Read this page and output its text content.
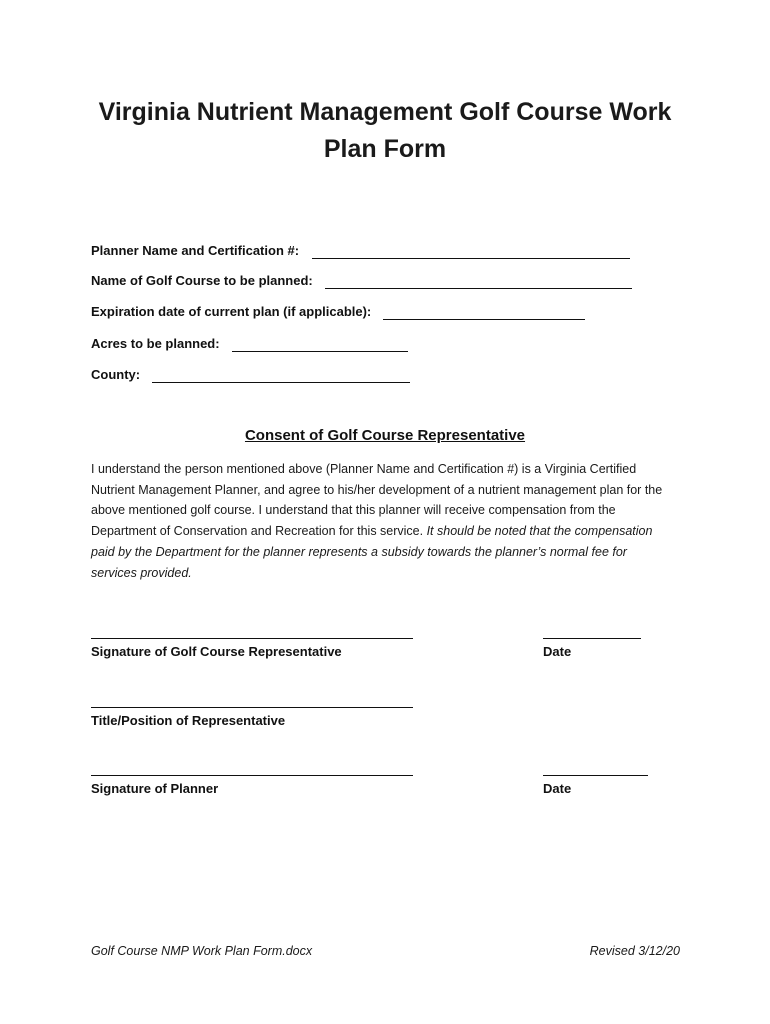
Virginia Nutrient Management Golf Course Work
Plan Form
Planner Name and Certification #:
Name of Golf Course to be planned:
Expiration date of current plan (if applicable):
Acres to be planned:
County:
Consent of Golf Course Representative
I understand the person mentioned above (Planner Name and Certification #) is a Virginia Certified Nutrient Management Planner, and agree to his/her development of a nutrient management plan for the above mentioned golf course. I understand that this planner will receive compensation from the Department of Conservation and Recreation for this service. It should be noted that the compensation paid by the Department for the planner represents a subsidy towards the planner’s normal fee for services provided.
Signature of Golf Course Representative	Date
Title/Position of Representative
Signature of Planner	Date
Golf Course NMP Work Plan Form.docx	Revised 3/12/20
